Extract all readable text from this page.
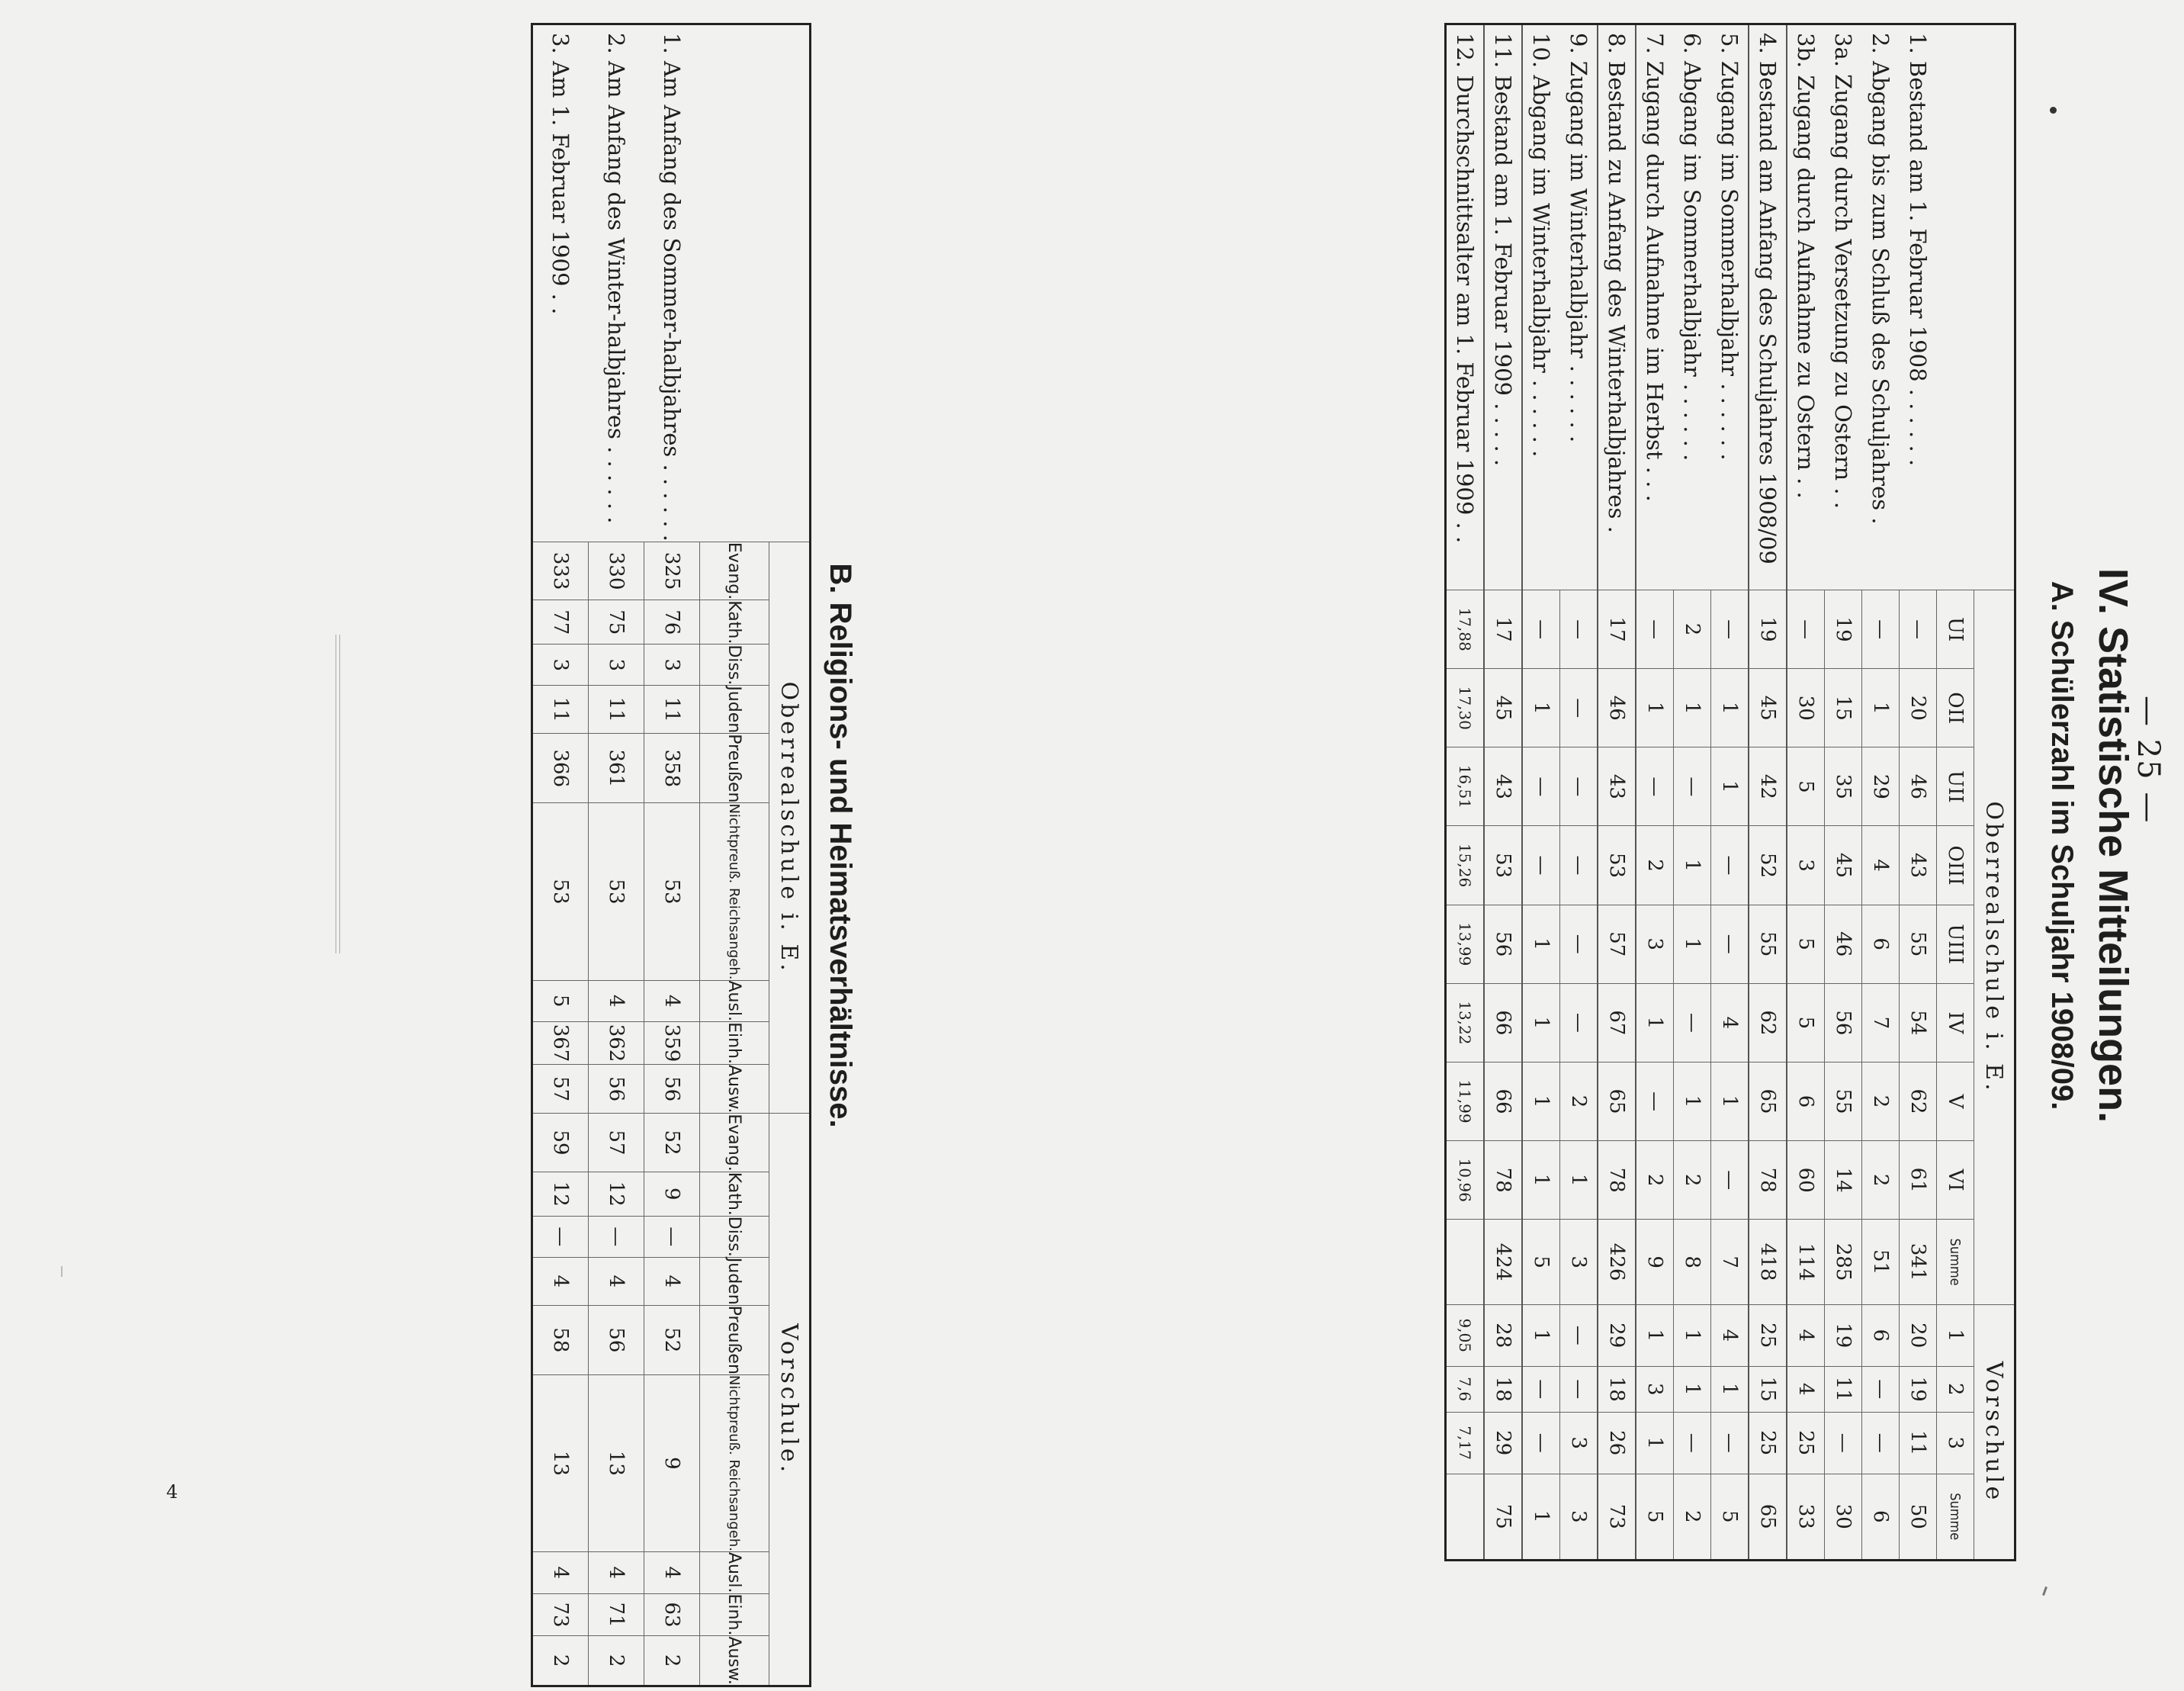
4
— 25 —
IV. Statistische Mitteilungen.
A. Schülerzahl im Schuljahr 1908/09.
	Oberrealschule i. E.									Vorschule			
	UI	OII	UII	OIII	UIII	IV	V	VI	Summe	1	2	3	Summe
1. Bestand am 1. Februar 1908 . . . . . .	—	20	46	43	55	54	62	61	341	20	19	11	50
2. Abgang bis zum Schluß des Schuljahres .	—	1	29	4	6	7	2	2	51	6	—	—	6
3a. Zugang durch Versetzung zu Ostern . .	19	15	35	45	46	56	55	14	285	19	11	—	30
3b. Zugang durch Aufnahme zu Ostern . .	—	30	5	3	5	5	6	60	114	4	4	25	33
4. Bestand am Anfang des Schuljahres 1908/09	19	45	42	52	55	62	65	78	418	25	15	25	65
5. Zugang im Sommerhalbjahr . . . . . .	—	1	1	—	—	4	1	—	7	4	1	—	5
6. Abgang im Sommerhalbjahr . . . . . .	2	1	—	1	1	—	1	2	8	1	1	—	2
7. Zugang durch Aufnahme im Herbst . . .	—	1	—	2	3	1	—	2	9	1	3	1	5
8. Bestand zu Anfang des Winterhalbjahres .	17	46	43	53	57	67	65	78	426	29	18	26	73
9. Zugang im Winterhalbjahr . . . . . .	—	—	—	—	—	—	2	1	3	—	—	3	3
10. Abgang im Winterhalbjahr . . . . . .	—	1	—	—	1	1	1	1	5	1	—	—	1
11. Bestand am 1. Februar 1909 . . . . .	17	45	43	53	56	66	66	78	424	28	18	29	75
12. Durchschnittsalter am 1. Februar 1909 . .	17,88	17,30	16,51	15,26	13,99	13,22	11,99	10,96		9,05	7,6	7,17	
B. Religions- und Heimatsverhältnisse.
	Oberrealschule i. E.									Vorschule.								
	Evang.	Kath.	Diss.	Juden	Preußen	Nichtpreuß. Reichsangeh.	Ausl.	Einh.	Ausw.	Evang.	Kath.	Diss.	Juden	Preußen	Nichtpreuß. Reichsangeh.	Ausl.	Einh.	Ausw.
1. Am Anfang des Sommer-halbjahres . . . . . .	325	76	3	11	358	53	4	359	56	52	9	—	4	52	9	4	63	2
2. Am Anfang des Winter-halbjahres . . . . . .	330	75	3	11	361	53	4	362	56	57	12	—	4	56	13	4	71	2
3. Am 1. Februar 1909 . .	333	77	3	11	366	53	5	367	57	59	12	—	4	58	13	4	73	2
